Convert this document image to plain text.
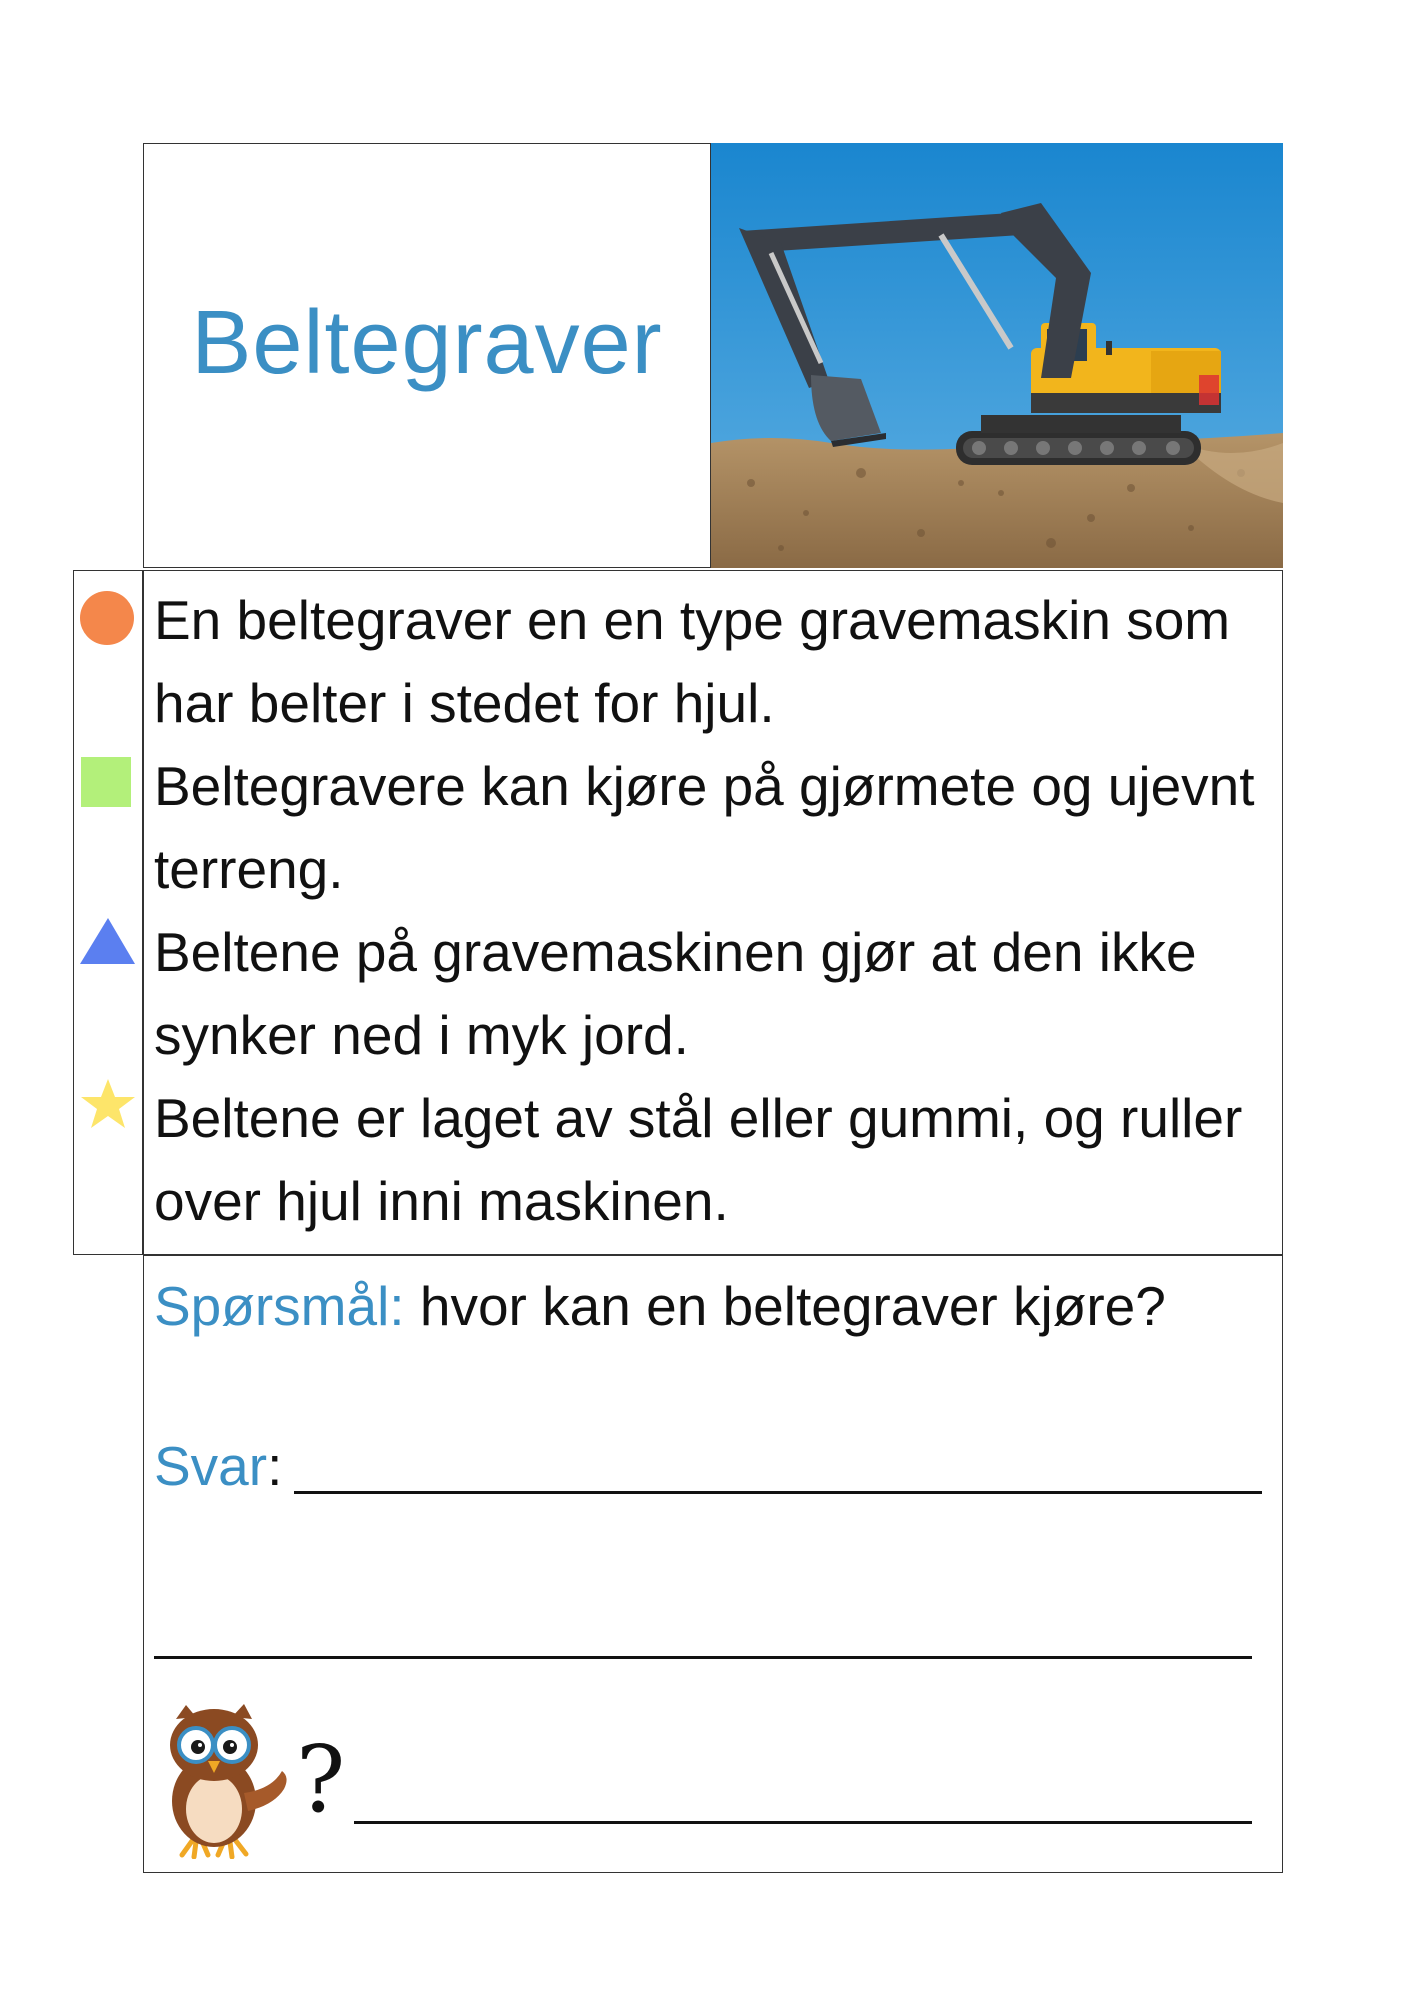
Beltegraver

En beltegraver en en type gravemaskin som har belter i stedet for hjul.

Beltegravere kan kjøre på gjørmete og ujevnt terreng.

Beltene på gravemaskinen gjør at den ikke synker ned i myk jord.

Beltene er laget av stål eller gummi, og ruller over hjul inni maskinen.

Spørsmål: hvor kan en beltegraver kjøre?
Svar:
?
